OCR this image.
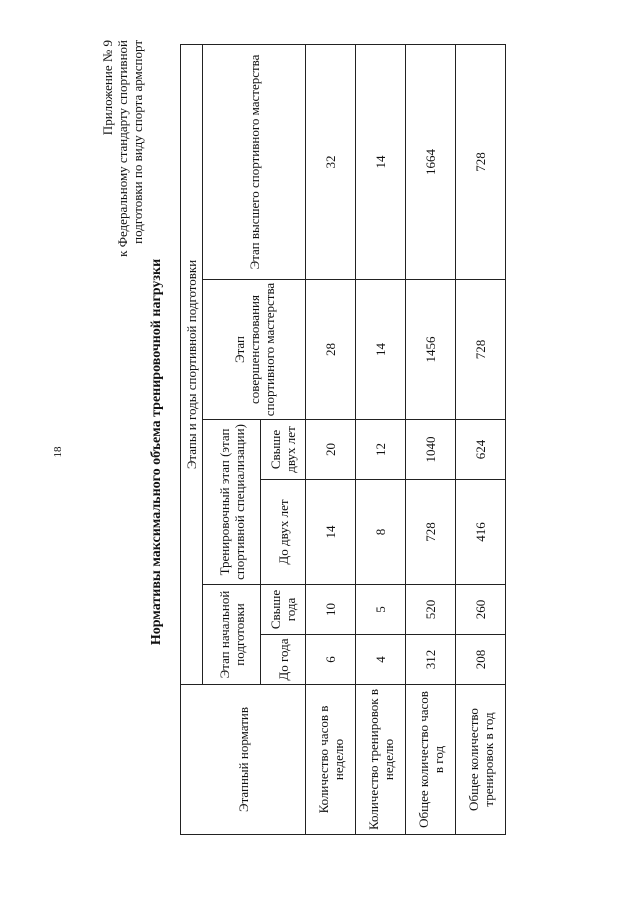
18
Приложение № 9 к Федеральному стандарту спортивной подготовки по виду спорта армспорт
Нормативы максимального объема тренировочной нагрузки
Этапный норматив	Этапы и годы спортивной подготовки					
	Этап начальной подготовки		Тренировочный этап (этап спортивной специализации)		Этап совершенствования спортивного мастерства	Этап высшего спортивного мастерства
	До года	Свыше года	До двух лет	Свыше двух лет		
Количество часов в неделю	6	10	14	20	28	32
Количество тренировок в неделю	4	5	8	12	14	14
Общее количество часов в год	312	520	728	1040	1456	1664
Общее количество тренировок в год	208	260	416	624	728	728
